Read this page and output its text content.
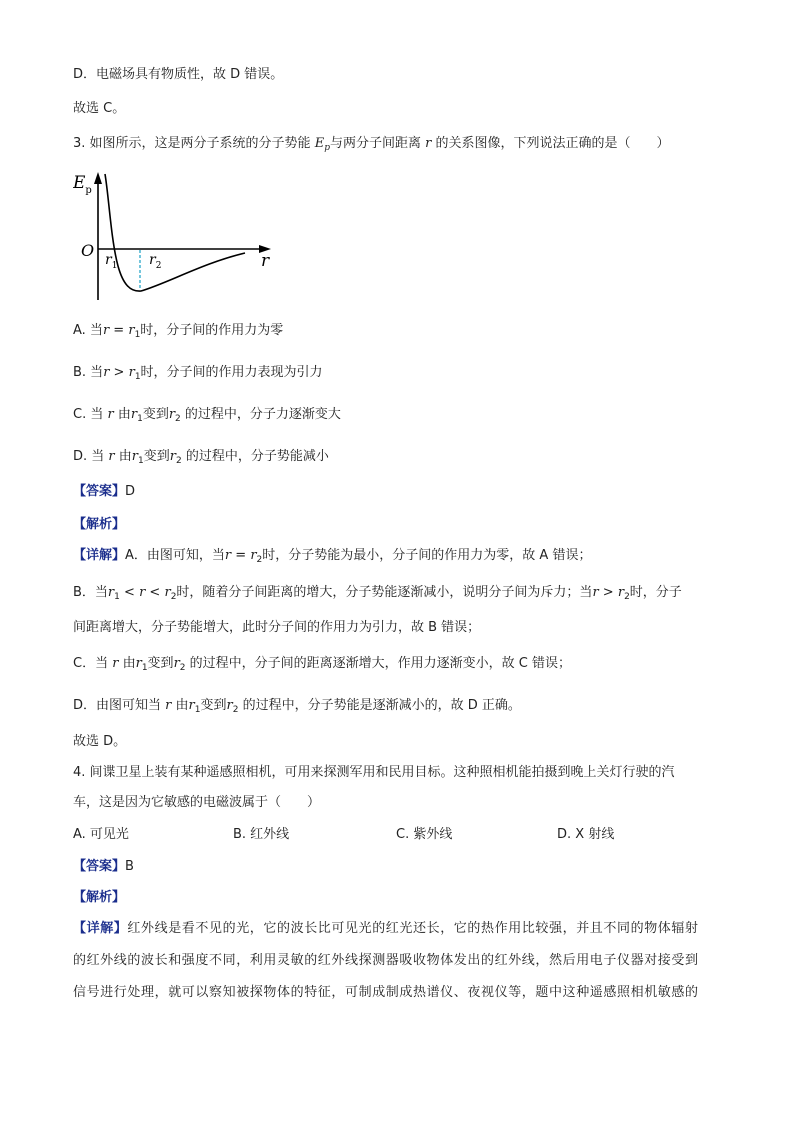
D．电磁场具有物质性，故 D 错误。
故选 C。
3. 如图所示，这是两分子系统的分子势能 $E_p$与两分子间距离 r 的关系图像，下列说法正确的是（　　）
$E_p$
O
r
$r_1$ $r_2$
A. 当$r = r_1$时，分子间的作用力为零
B. 当$r > r_1$时，分子间的作用力表现为引力
C. 当 r 由$r_1$变到$r_2$ 的过程中，分子力逐渐变大
D. 当 r 由$r_1$变到$r_2$ 的过程中，分子势能减小
【答案】D
【解析】
【详解】A．由图可知，当$r = r_2$时，分子势能为最小，分子间的作用力为零，故 A 错误；
B．当$r_1 < r < r_2$时，随着分子间距离的增大，分子势能逐渐减小，说明分子间为斥力；当$r > r_2$时，分子
间距离增大，分子势能增大，此时分子间的作用力为引力，故 B 错误；
C．当 r 由$r_1$变到$r_2$ 的过程中，分子间的距离逐渐增大，作用力逐渐变小，故 C 错误；
D．由图可知当 r 由$r_1$变到$r_2$ 的过程中，分子势能是逐渐减小的，故 D 正确。
故选 D。
4. 间谍卫星上装有某种遥感照相机，可用来探测军用和民用目标。这种照相机能拍摄到晚上关灯行驶的汽
车，这是因为它敏感的电磁波属于（　　）
A. 可见光	B. 红外线	C. 紫外线	D. X 射线
【答案】B
【解析】
【详解】红外线是看不见的光，它的波长比可见光的红光还长，它的热作用比较强，并且不同的物体辐射
的红外线的波长和强度不同，利用灵敏的红外线探测器吸收物体发出的红外线，然后用电子仪器对接受到
信号进行处理，就可以察知被探物体的特征，可制成制成热谱仪、夜视仪等，题中这种遥感照相机敏感的
